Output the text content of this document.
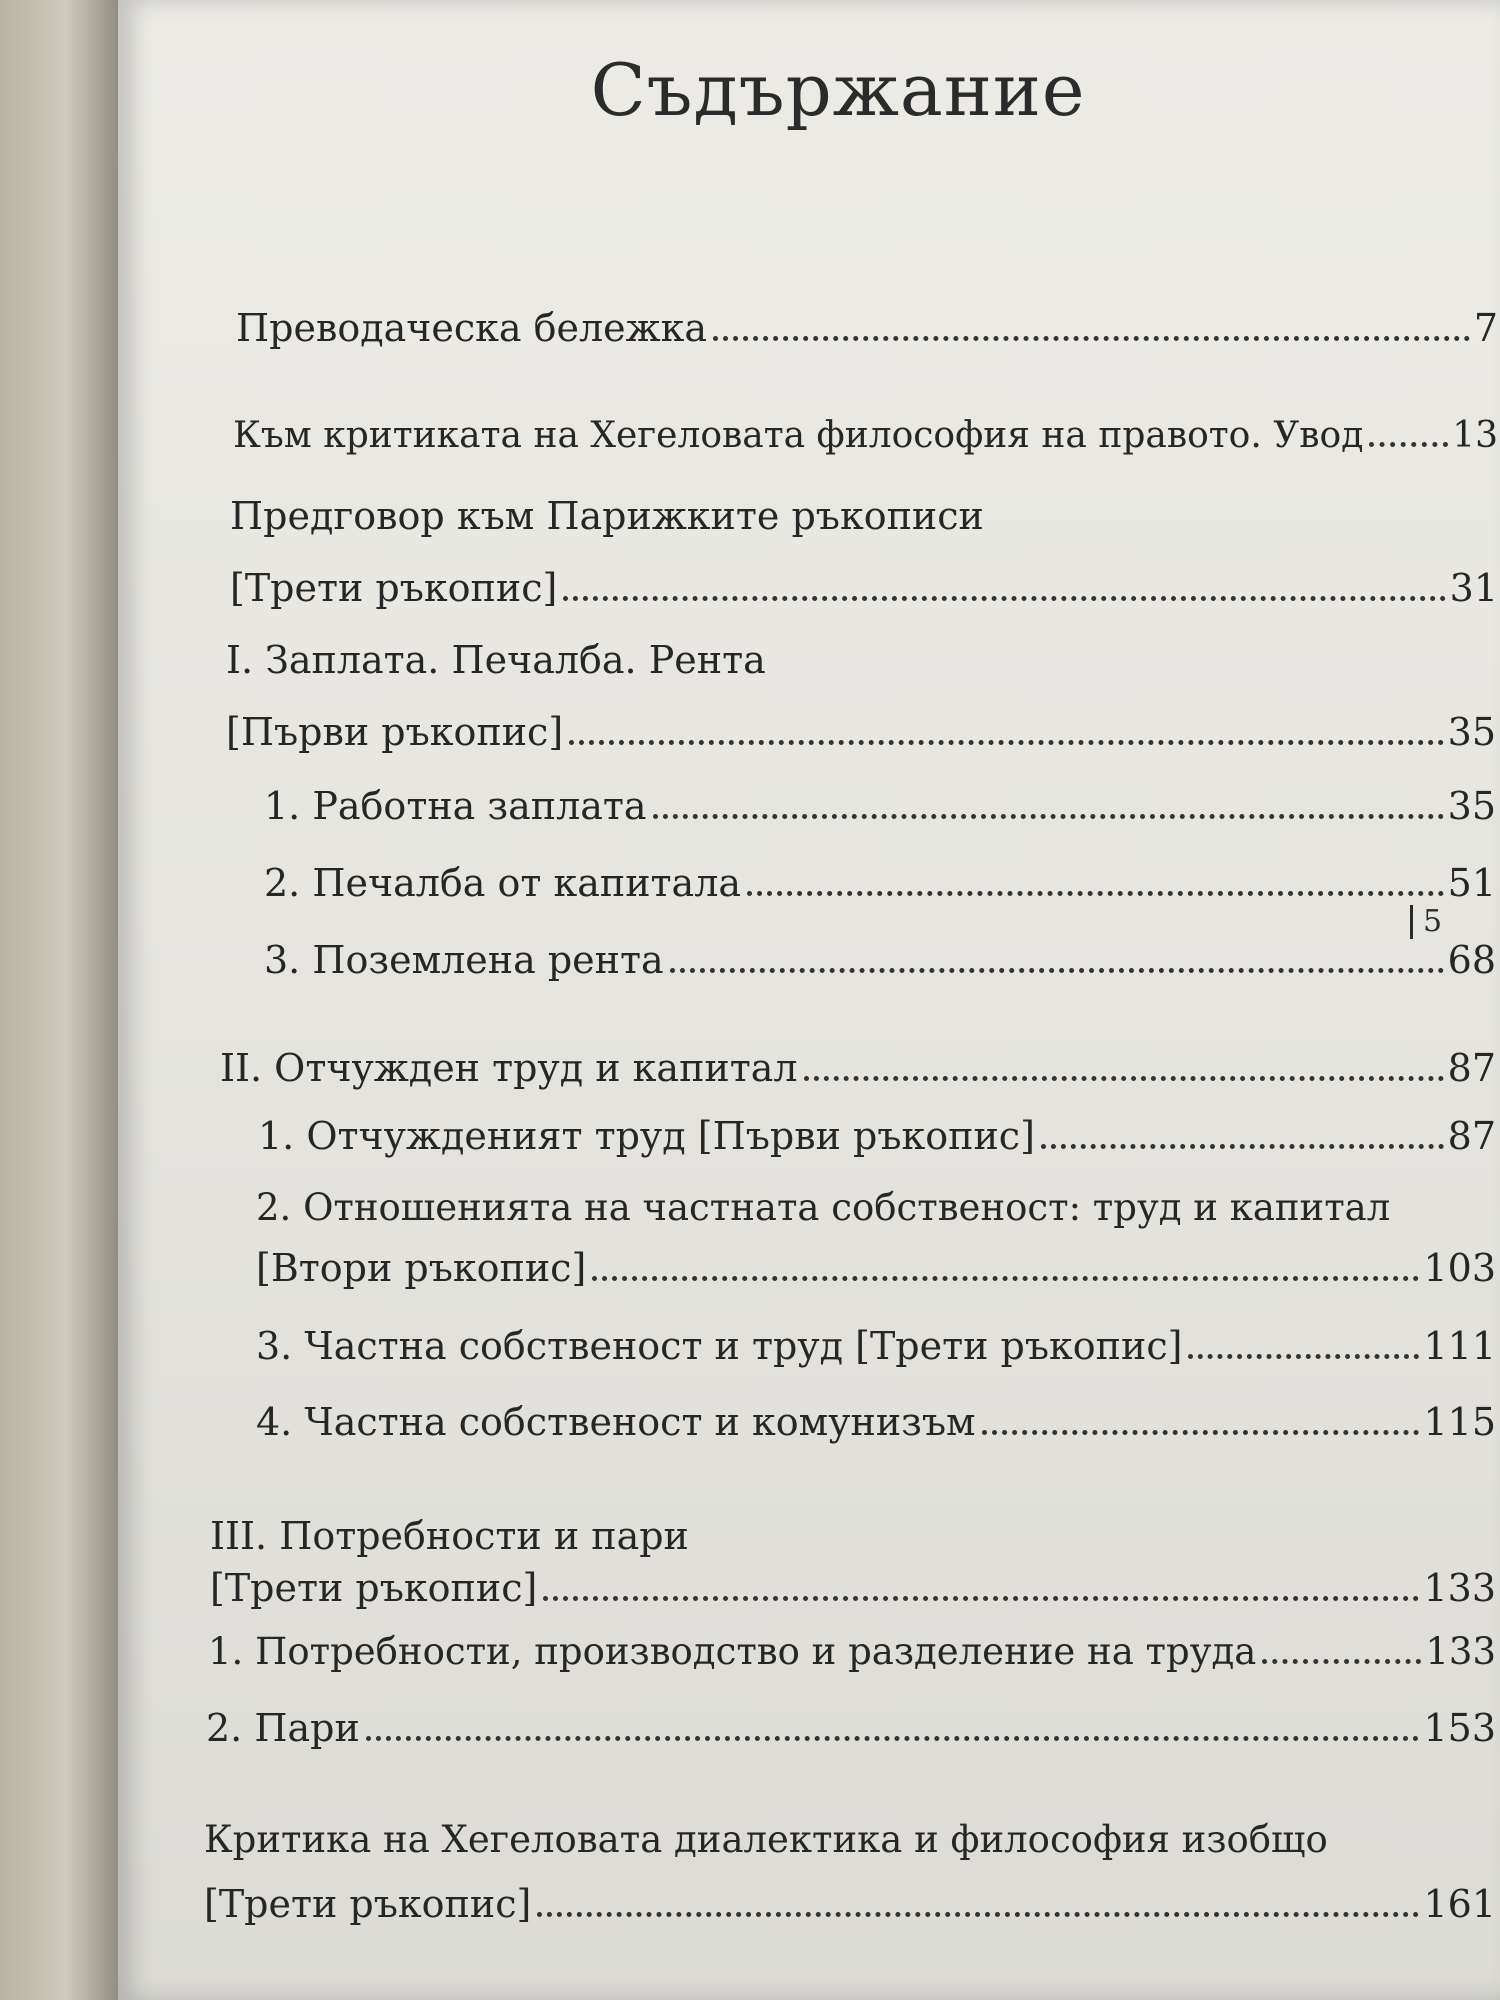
Съдържание
Преводаческа бележка	7
Към критиката на Хегеловата философия на правото. Увод 13
Предговор към Парижките ръкописи
[Трети ръкопис]	31
I. Заплата. Печалба. Рента
[Първи ръкопис]	35
1. Работна заплата	35
2. Печалба от капитала	51
3. Поземлена рента	68
II. Отчужден труд и капитал	87
1. Отчужденият труд [Първи ръкопис]	87
2. Отношенията на частната собственост: труд и капитал
[Втори ръкопис]	103
3. Частна собственост и труд [Трети ръкопис]	111
4. Частна собственост и комунизъм	115
III. Потребности и пари
[Трети ръкопис]	133
1. Потребности, производство и разделение на труда	133
2. Пари	153
Критика на Хегеловата диалектика и философия изобщо
[Трети ръкопис]	161
5
